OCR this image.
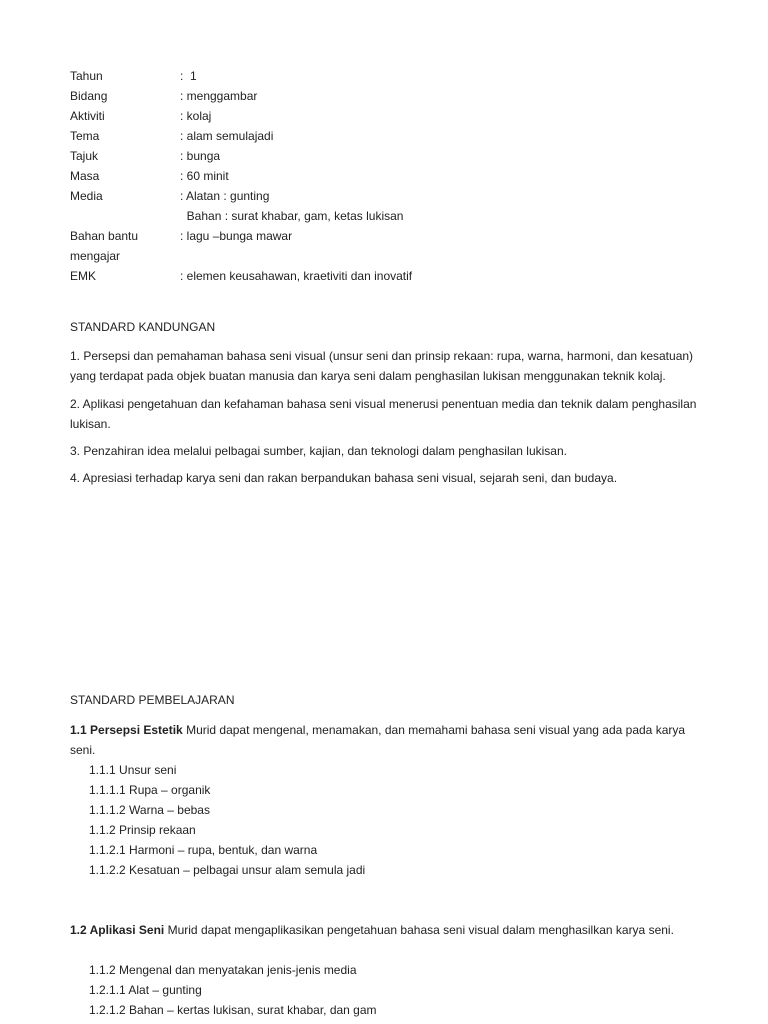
Tahun	:  1
Bidang	: menggambar
Aktiviti	: kolaj
Tema	: alam semulajadi
Tajuk	: bunga
Masa	: 60 minit
Media	: Alatan : gunting
Bahan : surat khabar, gam, ketas lukisan
Bahan bantu	: lagu –bunga mawar
mengajar
EMK	: elemen keusahawan, kraetiviti dan inovatif
STANDARD KANDUNGAN

1. Persepsi dan pemahaman bahasa seni visual (unsur seni dan prinsip rekaan: rupa, warna, harmoni, dan kesatuan) yang terdapat pada objek buatan manusia dan karya seni dalam penghasilan lukisan menggunakan teknik kolaj.

2. Aplikasi pengetahuan dan kefahaman bahasa seni visual menerusi penentuan media dan teknik dalam penghasilan lukisan.

3. Penzahiran idea melalui pelbagai sumber, kajian, dan teknologi dalam penghasilan lukisan.

4. Apresiasi terhadap karya seni dan rakan berpandukan bahasa seni visual, sejarah seni, dan budaya.

STANDARD PEMBELAJARAN
1.1 Persepsi Estetik Murid dapat mengenal, menamakan, dan memahami bahasa seni visual yang ada pada karya seni.
1.1.1 Unsur seni
1.1.1.1 Rupa – organik
1.1.1.2 Warna – bebas
1.1.2 Prinsip rekaan
1.1.2.1 Harmoni – rupa, bentuk, dan warna
1.1.2.2 Kesatuan – pelbagai unsur alam semula jadi
1.2 Aplikasi Seni Murid dapat mengaplikasikan pengetahuan bahasa seni visual dalam menghasilkan karya seni.
1.1.2 Mengenal dan menyatakan jenis-jenis media
1.2.1.1 Alat – gunting
1.2.1.2 Bahan – kertas lukisan, surat khabar, dan gam
